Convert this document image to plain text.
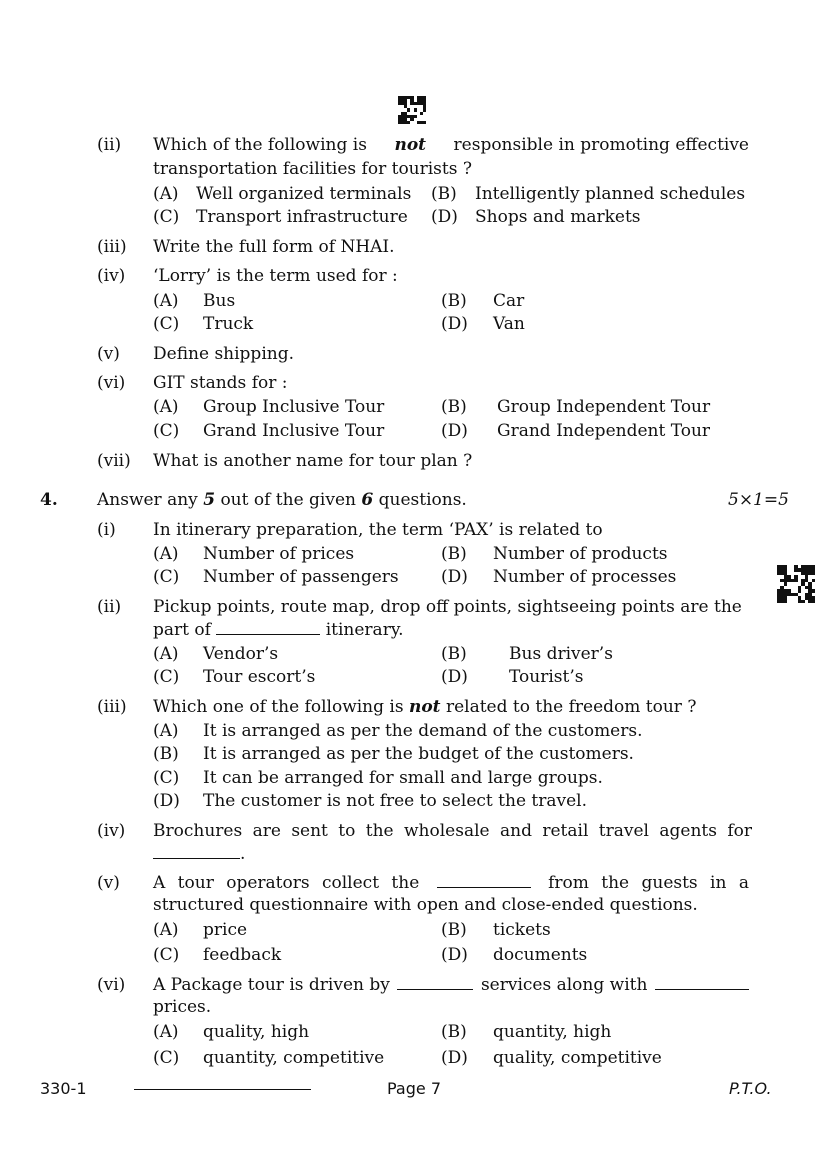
(ii) Which of the following is not responsible in promoting effective
transportation facilities for tourists ?
(A) Well organized terminals (B) Intelligently planned schedules
(C) Transport infrastructure (D) Shops and markets
(iii) Write the full form of NHAI.
(iv) ‘Lorry’ is the term used for :
(A) Bus	(B) Car
(C) Truck	(D) Van
(v) Define shipping.
(vi) GIT stands for :
(A) Group Inclusive Tour	(B) Group Independent Tour
(C) Grand Inclusive Tour	(D) Grand Independent Tour
(vii) What is another name for tour plan ?
4. Answer any 5 out of the given 6 questions.	5×1=5
(i) In itinerary preparation, the term ‘PAX’ is related to
(A) Number of prices	(B) Number of products
(C) Number of passengers (D) Number of processes
(ii) Pickup points, route map, drop off points, sightseeing points are the
part of	itinerary.
(A) Vendor’s	(B) Bus driver’s
(C) Tour escort’s	(D) Tourist’s
(iii) Which one of the following is not related to the freedom tour ?
(A) It is arranged as per the demand of the customers.
(B) It is arranged as per the budget of the customers.
(C) It can be arranged for small and large groups.
(D) The customer is not free to select the travel.
(iv) Brochures are sent to the wholesale and retail travel agents for
.
(v) A tour operators collect the	from the guests in a
structured questionnaire with open and close-ended questions.
(A) price	(B) tickets
(C) feedback	(D) documents
(vi) A Package tour is driven by	services along with
prices.
(A) quality, high	(B) quantity, high
(C) quantity, competitive	(D) quality, competitive
330-1	Page 7	P.T.O.
